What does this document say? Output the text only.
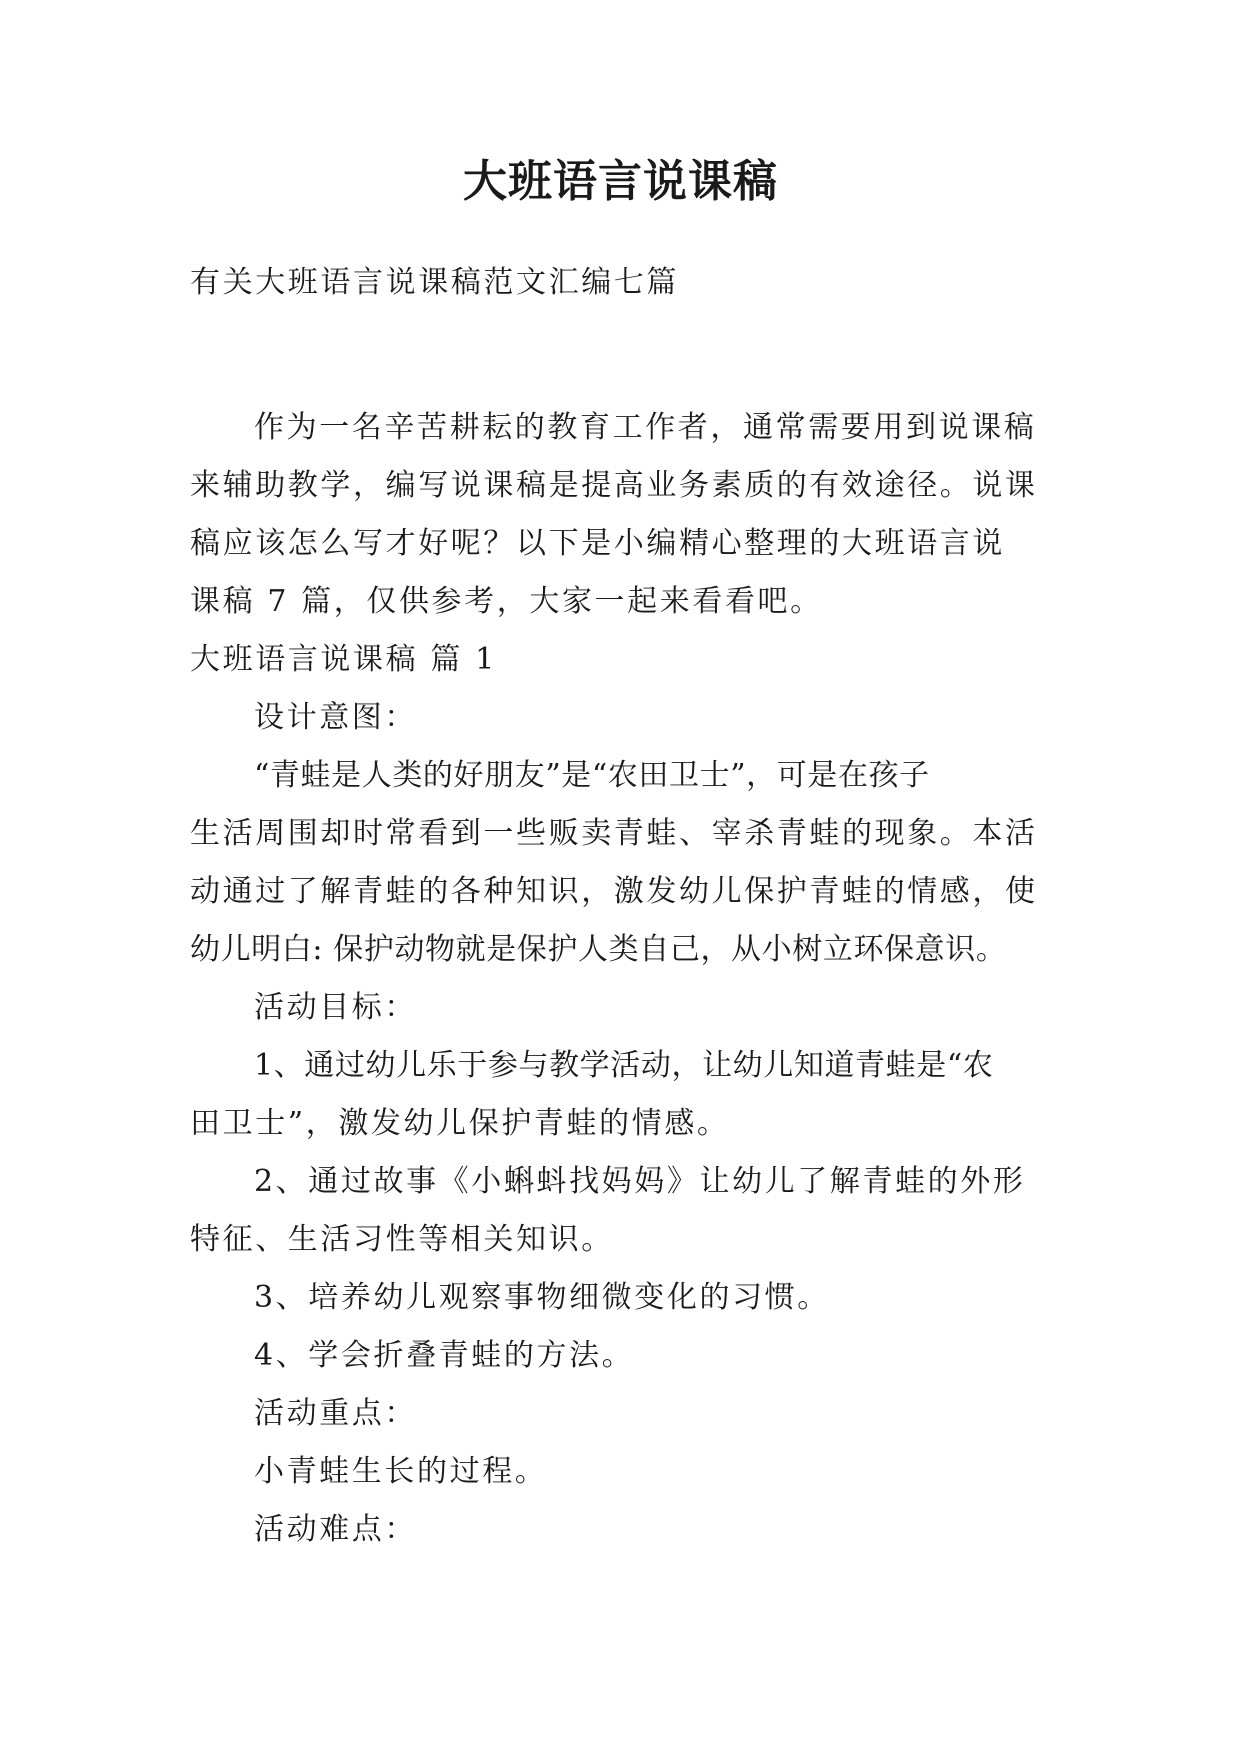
大班语言说课稿

有关大班语言说课稿范文汇编七篇

作为一名辛苦耕耘的教育工作者，通常需要用到说课稿

来辅助教学，编写说课稿是提高业务素质的有效途径。说课

稿应该怎么写才好呢？以下是小编精心整理的大班语言说

课稿 7 篇，仅供参考，大家一起来看看吧。

大班语言说课稿 篇 1

设计意图：

“青蛙是人类的好朋友”是“农田卫士”，可是在孩子

生活周围却时常看到一些贩卖青蛙、宰杀青蛙的现象。本活

动通过了解青蛙的各种知识，激发幼儿保护青蛙的情感，使

幼儿明白: 保护动物就是保护人类自己，从小树立环保意识。

活动目标：

1、通过幼儿乐于参与教学活动，让幼儿知道青蛙是“农

田卫士”，激发幼儿保护青蛙的情感。

2、通过故事《小蝌蚪找妈妈》让幼儿了解青蛙的外形

特征、生活习性等相关知识。

3、培养幼儿观察事物细微变化的习惯。

4、学会折叠青蛙的方法。

活动重点：

小青蛙生长的过程。

活动难点：
